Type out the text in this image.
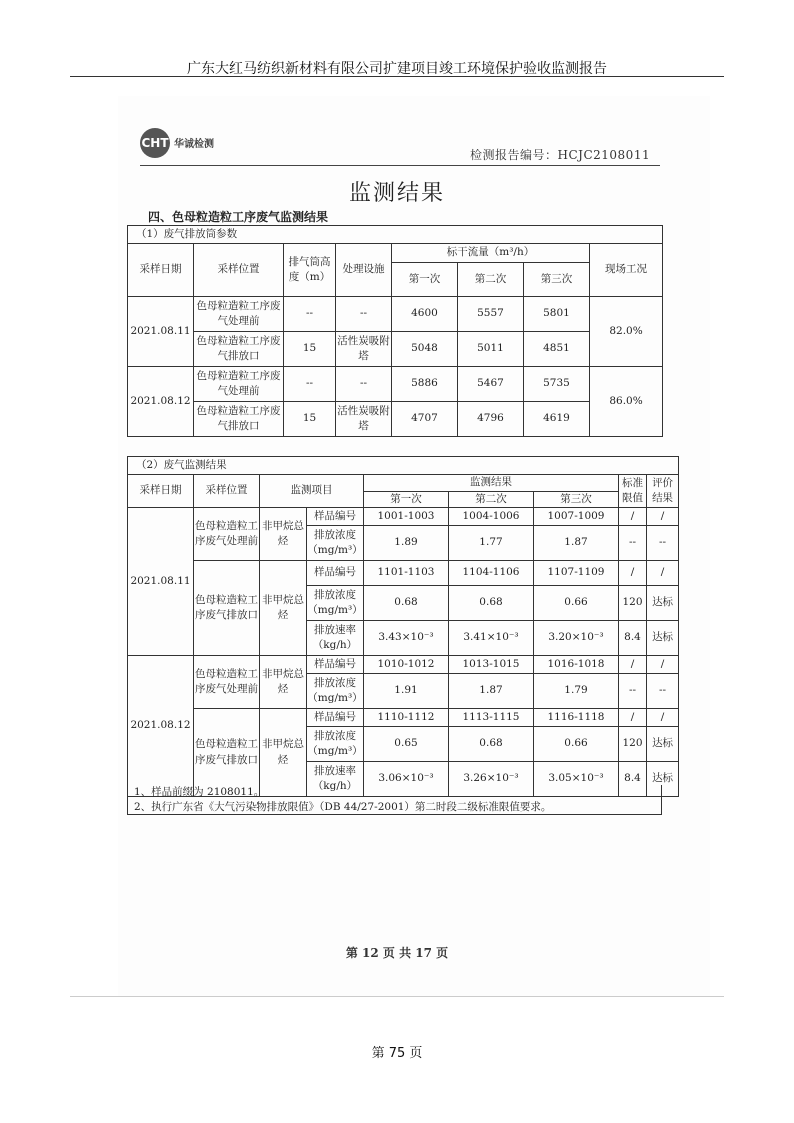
广东大红马纺织新材料有限公司扩建项目竣工环境保护验收监测报告
CHT 华诚检测
检测报告编号：HCJC2108011
监测结果
四、色母粒造粒工序废气监测结果
（1）废气排放筒参数							
采样日期	采样位置	排气筒高度（m）	处理设施	标干流量（m³/h）			现场工况
				第一次	第二次	第三次	
2021.08.11	色母粒造粒工序废气处理前	--	--	4600	5557	5801	82.0%
	色母粒造粒工序废气排放口	15	活性炭吸附塔	5048	5011	4851	
2021.08.12	色母粒造粒工序废气处理前	--	--	5886	5467	5735	86.0%
	色母粒造粒工序废气排放口	15	活性炭吸附塔	4707	4796	4619	
（2）废气监测结果								
采样日期	采样位置	监测项目		监测结果			标准限值	评价结果
				第一次	第二次	第三次		
2021.08.11	色母粒造粒工序废气处理前	非甲烷总烃	样品编号	1001-1003	1004-1006	1007-1009	/	/
			排放浓度（mg/m³）	1.89	1.77	1.87	--	--
	色母粒造粒工序废气排放口	非甲烷总烃	样品编号	1101-1103	1104-1106	1107-1109	/	/
			排放浓度（mg/m³）	0.68	0.68	0.66	120	达标
			排放速率（kg/h）	3.43×10⁻³	3.41×10⁻³	3.20×10⁻³	8.4	达标
2021.08.12	色母粒造粒工序废气处理前	非甲烷总烃	样品编号	1010-1012	1013-1015	1016-1018	/	/
			排放浓度（mg/m³）	1.91	1.87	1.79	--	--
	色母粒造粒工序废气排放口	非甲烷总烃	样品编号	1110-1112	1113-1115	1116-1118	/	/
			排放浓度（mg/m³）	0.65	0.68	0.66	120	达标
			排放速率（kg/h）	3.06×10⁻³	3.26×10⁻³	3.05×10⁻³	8.4	达标
1、样品前缀为 2108011。
2、执行广东省《大气污染物排放限值》（DB 44/27-2001）第二时段二级标准限值要求。
第 12 页 共 17 页
第 75 页
